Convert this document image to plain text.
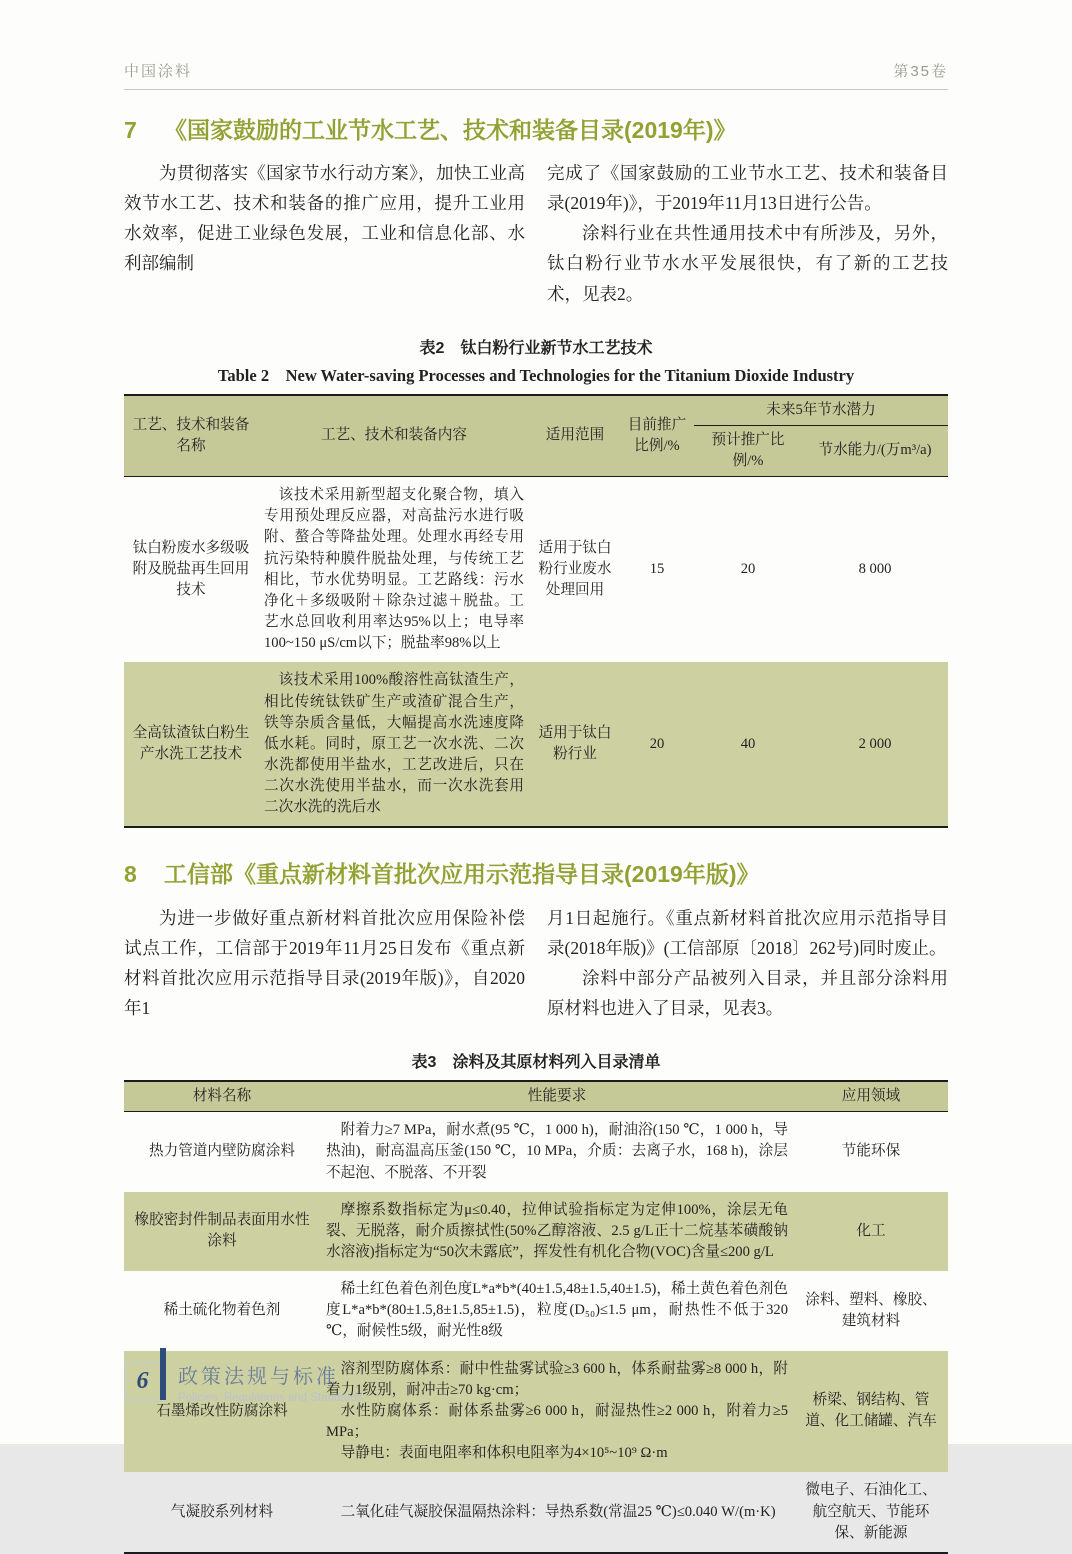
中国涂料	第35卷
7	《国家鼓励的工业节水工艺、技术和装备目录(2019年)》

为贯彻落实《国家节水行动方案》，加快工业高效节水工艺、技术和装备的推广应用，提升工业用水效率，促进工业绿色发展，工业和信息化部、水利部编制

完成了《国家鼓励的工业节水工艺、技术和装备目录(2019年)》，于2019年11月13日进行公告。

涂料行业在共性通用技术中有所涉及，另外，钛白粉行业节水水平发展很快，有了新的工艺技术，见表2。

表2　钛白粉行业新节水工艺技术
Table 2　New Water-saving Processes and Technologies for the Titanium Dioxide Industry
工艺、技术和装备名称	工艺、技术和装备内容	适用范围	目前推广比例/%	未来5年节水潜力	
				预计推广比例/%	节水能力/(万m³/a)
钛白粉废水多级吸附及脱盐再生回用技术	该技术采用新型超支化聚合物，填入专用预处理反应器，对高盐污水进行吸附、螯合等降盐处理。处理水再经专用抗污染特种膜件脱盐处理，与传统工艺相比，节水优势明显。工艺路线：污水净化＋多级吸附＋除杂过滤＋脱盐。工艺水总回收利用率达95%以上；电导率100~150 μS/cm以下；脱盐率98%以上	适用于钛白粉行业废水处理回用	15	20	8 000
全高钛渣钛白粉生产水洗工艺技术	该技术采用100%酸溶性高钛渣生产，相比传统钛铁矿生产或渣矿混合生产，铁等杂质含量低，大幅提高水洗速度降低水耗。同时，原工艺一次水洗、二次水洗都使用半盐水，工艺改进后，只在二次水洗使用半盐水，而一次水洗套用二次水洗的洗后水	适用于钛白粉行业	20	40	2 000
8	工信部《重点新材料首批次应用示范指导目录(2019年版)》

为进一步做好重点新材料首批次应用保险补偿试点工作，工信部于2019年11月25日发布《重点新材料首批次应用示范指导目录(2019年版)》，自2020年1

月1日起施行。《重点新材料首批次应用示范指导目录(2018年版)》(工信部原〔2018〕262号)同时废止。

涂料中部分产品被列入目录，并且部分涂料用原材料也进入了目录，见表3。

表3　涂料及其原材料列入目录清单
材料名称	性能要求	应用领域
热力管道内壁防腐涂料	附着力≥7 MPa，耐水煮(95 ℃，1 000 h)，耐油浴(150 ℃，1 000 h，导热油)，耐高温高压釜(150 ℃，10 MPa，介质：去离子水，168 h)，涂层不起泡、不脱落、不开裂	节能环保
橡胶密封件制品表面用水性涂料	摩擦系数指标定为μ≤0.40，拉伸试验指标定为定伸100%，涂层无龟裂、无脱落，耐介质擦拭性(50%乙醇溶液、2.5 g/L正十二烷基苯磺酸钠水溶液)指标定为“50次未露底”，挥发性有机化合物(VOC)含量≤200 g/L	化工
稀土硫化物着色剂	稀土红色着色剂色度L*a*b*(40±1.5,48±1.5,40±1.5)，稀土黄色着色剂色度L*a*b*(80±1.5,8±1.5,85±1.5)，粒度(D₅₀)≤1.5 μm，耐热性不低于320 ℃，耐候性5级，耐光性8级	涂料、塑料、橡胶、建筑材料
石墨烯改性防腐涂料	溶剂型防腐体系：耐中性盐雾试验≥3 600 h，体系耐盐雾≥8 000 h，附着力1级别，耐冲击≥70 kg·cm；

水性防腐体系：耐体系盐雾≥6 000 h，耐湿热性≥2 000 h，附着力≥5 MPa；

导静电：表面电阻率和体积电阻率为4×10⁵~10⁹ Ω·m	桥梁、钢结构、管道、化工储罐、汽车
气凝胶系列材料	二氧化硅气凝胶保温隔热涂料：导热系数(常温25 ℃)≤0.040 W/(m·K)	微电子、石油化工、航空航天、节能环保、新能源
6	政策法规与标准
Policies, Regulations and Standards
